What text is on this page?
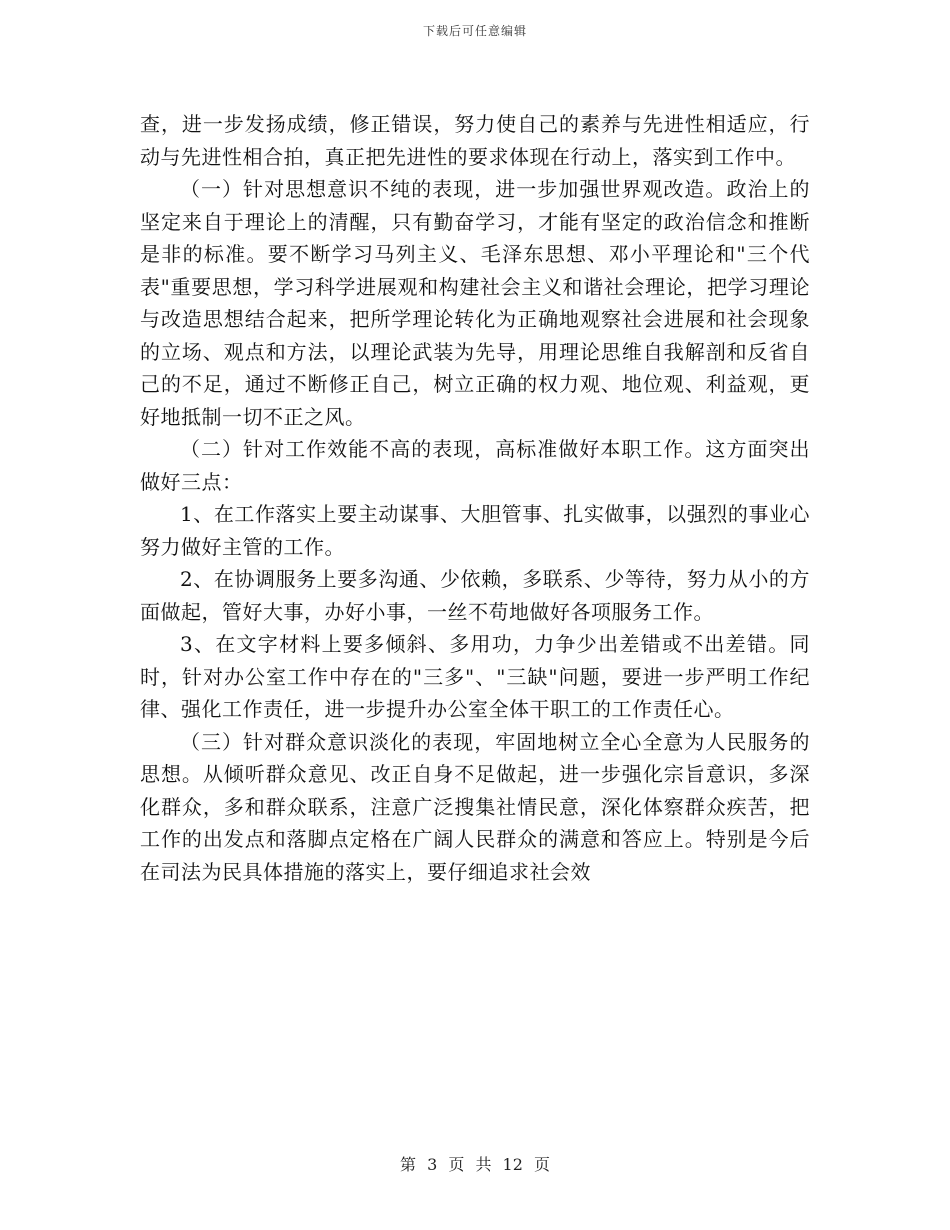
下载后可任意编辑

查，进一步发扬成绩，修正错误，努力使自己的素养与先进性相适应，行动与先进性相合拍，真正把先进性的要求体现在行动上，落实到工作中。

（一）针对思想意识不纯的表现，进一步加强世界观改造。政治上的坚定来自于理论上的清醒，只有勤奋学习，才能有坚定的政治信念和推断是非的标准。要不断学习马列主义、毛泽东思想、邓小平理论和"三个代表"重要思想，学习科学进展观和构建社会主义和谐社会理论，把学习理论与改造思想结合起来，把所学理论转化为正确地观察社会进展和社会现象的立场、观点和方法，以理论武装为先导，用理论思维自我解剖和反省自己的不足，通过不断修正自己，树立正确的权力观、地位观、利益观，更好地抵制一切不正之风。

（二）针对工作效能不高的表现，高标准做好本职工作。这方面突出做好三点：

1、在工作落实上要主动谋事、大胆管事、扎实做事，以强烈的事业心努力做好主管的工作。

2、在协调服务上要多沟通、少依赖，多联系、少等待，努力从小的方面做起，管好大事，办好小事，一丝不苟地做好各项服务工作。

3、在文字材料上要多倾斜、多用功，力争少出差错或不出差错。同时，针对办公室工作中存在的"三多"、"三缺"问题，要进一步严明工作纪律、强化工作责任，进一步提升办公室全体干职工的工作责任心。

（三）针对群众意识淡化的表现，牢固地树立全心全意为人民服务的思想。从倾听群众意见、改正自身不足做起，进一步强化宗旨意识，多深化群众，多和群众联系，注意广泛搜集社情民意，深化体察群众疾苦，把工作的出发点和落脚点定格在广阔人民群众的满意和答应上。特别是今后在司法为民具体措施的落实上，要仔细追求社会效

第 3 页 共 12 页
